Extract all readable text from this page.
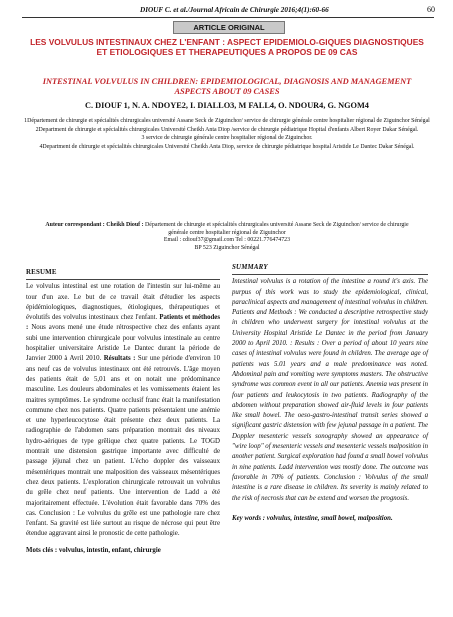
DIOUF C. et al./Journal Africain de Chirurgie 2016;4(1):60-66	60
ARTICLE ORIGINAL
LES VOLVULUS INTESTINAUX CHEZ L'ENFANT : ASPECT EPIDEMIOLO-GIQUES DIAGNOSTIQUES ET ETIOLOGIQUES ET THERAPEUTIQUES A PROPOS DE 09 CAS
INTESTINAL VOLVULUS IN CHILDREN: EPIDEMIOLOGICAL, DIAGNOSIS AND MANAGEMENT ASPECTS ABOUT 09 CASES
C. DIOUF 1, N. A. NDOYE2, I. DIALLO3, M FALL4, O. NDOUR4, G. NGOM4

1Département de chirurgie et spécialités chirurgicales université Assane Seck de Ziguinchor/ service de chirurgie générale centre hospitalier régional de Ziguinchor Sénégal

2Department de chirurgie et spécialités chirurgicales Université Cheikh Anta Diop /service de chirurgie pédiatrique Hopital d'enfants Albert Royer Dakar Sénégal.

3 service de chirurgie générale centre hospitalier régional de Ziguinchor.

4Department de chirurgie et spécialités chirurgicales Université Cheikh Anta Diop, service de chirurgie pédiatrique hospital Aristide Le Dantec Dakar Sénégal.

Auteur correspondant : Cheikh Diouf : Département de chirurgie et spécialités chirurgicales université Assane Seck de Ziguinchor/ service de chirurgie générale centre hospitalier régional de Ziguinchor

Email : cdiouf37@gmail.com Tel : 00221.776474723

BP 523 Ziguinchor Sénégal

RESUME

Le volvulus intestinal est une rotation de l'intestin sur lui-même au tour d'un axe. Le but de ce travail était d'étudier les aspects épidémiologiques, diagnostiques, étiologiques, thérapeutiques et évolutifs des volvulus intestinaux chez l'enfant. Patients et méthodes : Nous avons mené une étude rétrospective chez des enfants ayant subi une intervention chirurgicale pour volvulus intestinale au centre hospitalier universitaire Aristide Le Dantec durant la période de Janvier 2000 à Avril 2010. Résultats : Sur une période d'environ 10 ans neuf cas de volvulus intestinaux ont été retrouvés. L'âge moyen des patients était de 5,01 ans et on notait une prédominance masculine. Les douleurs abdominales et les vomissements étaient les maitres symptômes. Le syndrome occlusif franc était la manifestation commune chez nos patients. Quatre patients présentaient une anémie et une hyperleucocytose était présente chez deux patients. La radiographie de l'abdomen sans préparation montrait des niveaux hydro-aériques de type grêlique chez quatre patients. Le TOGD montrait une distension gastrique importante avec difficulté de passage jéjunal chez un patient. L'écho doppler des vaisseaux mésentériques montrait une malposition des vaisseaux mésentériques chez deux patients. L'exploration chirurgicale retrouvait un volvulus du grêle chez neuf patients. Une intervention de Ladd a été majoritairement effectuée. L'évolution était favorable dans 70% des cas. Conclusion : Le volvulus du grêle est une pathologie rare chez l'enfant. Sa gravité est liée surtout au risque de nécrose qui peut être étendue aggravant ainsi le pronostic de cette pathologie.

Mots clés : volvulus, intestin, enfant, chirurgie

SUMMARY

Intestinal volvulus is a rotation of the intestine a round it's axis. The purpus of this work was to study the epidemiological, clinical, paraclinical aspects and management of intestinal volvulus in children. Patients and Methods : We conducted a descriptive retrospective study in children who underwent surgery for intestinal volvulus at the University Hospital Aristide Le Dantec in the period from January 2000 to April 2010. : Results : Over a period of about 10 years nine cases of intestinal volvulus were found in children. The average age of patients was 5.01 years and a male predominance was noted. Abdominal pain and vomiting were symptoms masters. The obstructive syndrome was common event in all our patients. Anemia was present in four patients and leukocytosis in two patients. Radiography of the abdomen without preparation showed air-fluid levels in four patients like small bowel. The oeso-gastro-intestinal transit series showed a significant gastric distension with few jejunal passage in a patient. The Doppler mesenteric vessels sonography showed an appearance of "wire loop" of mesenteric vessels and mesenteric vessels malposition in another patient. Surgical exploration had found a small bowel volvulus in nine patients. Ladd intervention was mostly done. The outcome was favorable in 70% of patients. Conclusion : Volvulus of the small intestine is a rare disease in children. Its severity is mainly related to the risk of necrosis that can be extend and worsen the prognosis.

Key words : volvulus, intestine, small bowel, malposition.
